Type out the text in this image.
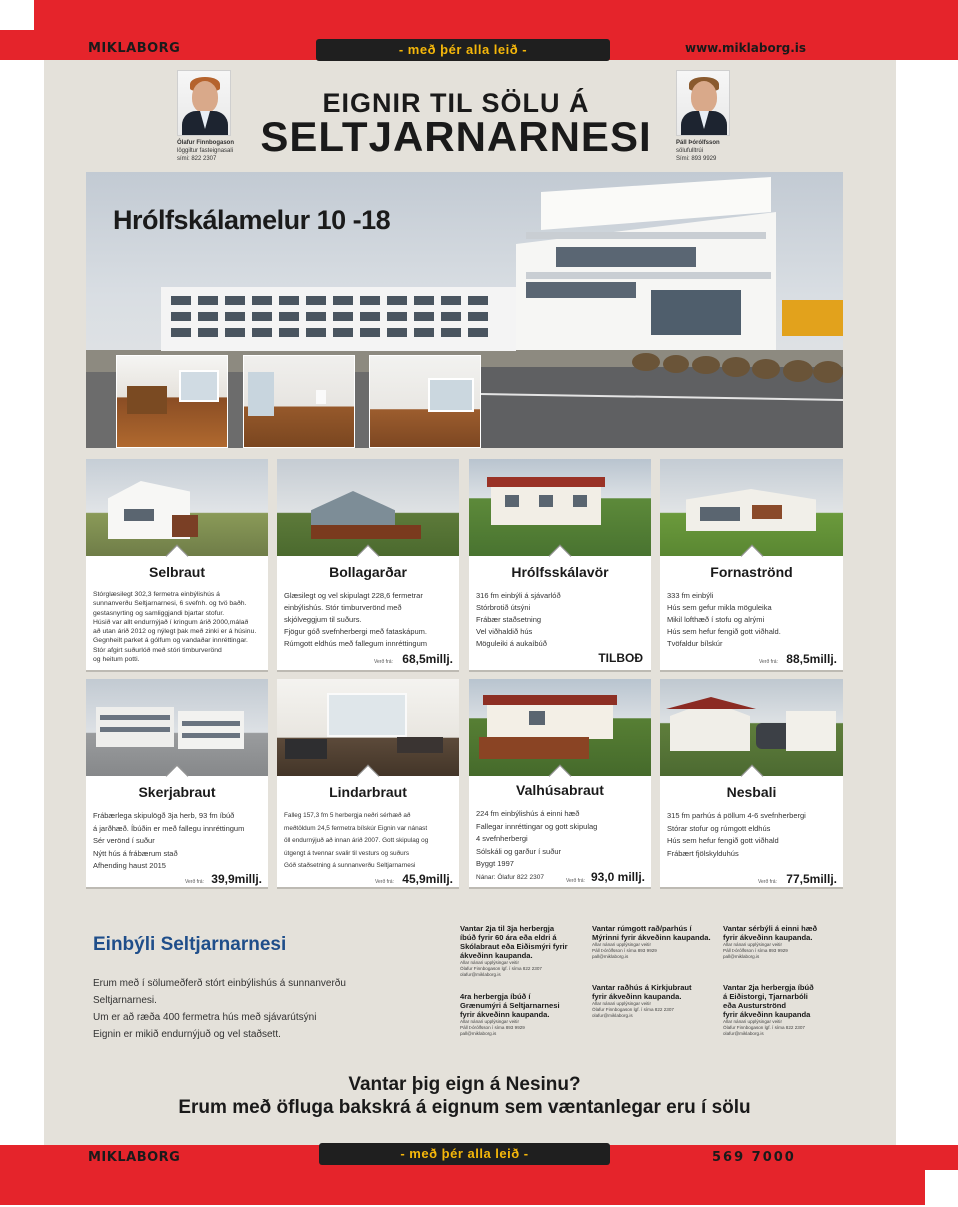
MIKLABORG	- með þér alla leið -	www.miklaborg.is
Ólafur Finnbogason
löggiltur fasteignasali
sími: 822 2307
Páll Þórólfsson
sölufulltrúi
Sími: 893 9929
EIGNIR TIL SÖLU Á
SELTJARNARNESI
Hrólfskálamelur 10 -18
Selbraut
Stórglæsilegt 302,3 fermetra einbýlishús á
sunnanverðu Seltjarnarnesi, 6 svefnh. og tvö baðh.
gestasnyrting og samliggjandi bjartar stofur.
Húsið var allt endurnýjað í kringum árið 2000,málað
að utan árið 2012 og nýlegt þak með zinki er á húsinu.
Gegnheilt parket á gólfum og vandaðar innréttingar.
Stór afgirt suðurlóð með stóri timburverönd
og heitum potti.
Bollagarðar
Glæsilegt og vel skipulagt 228,6 fermetrar
einbýlishús. Stór timburverönd með
skjólveggjum til suðurs.
Fjögur góð svefnherbergi með fataskápum.
Rúmgott eldhús með fallegum innréttingum
Verð frá: 68,5millj.
Hrólfsskálavör
316 fm einbýli á sjávarlóð
Stórbrotið útsýni
Frábær staðsetning
Vel viðhaldið hús
Möguleiki á aukaíbúð
TILBOÐ
Fornaströnd
333 fm einbýli
Hús sem gefur mikla möguleika
Mikil lofthæð í stofu og alrými
Hús sem hefur fengið gott viðhald.
Tvöfaldur bílskúr
Verð frá: 88,5millj.
Skerjabraut
Frábærlega skipulögð 3ja herb, 93 fm íbúð
á jarðhæð. Íbúðin er með fallegu innréttingum
Sér verönd í suður
Nýtt hús á frábærum stað
Afhending haust 2015
Verð frá: 39,9millj.
Lindarbraut
Falleg 157,3 fm 5 herbergja neðri sérhæð að
meðtöldum 24,5 fermetra bílskúr Eignin var nánast
öll endurnýjuð að innan árið 2007. Gott skipulag og
útgengt á tvennar svalir til vesturs og suðurs
Góð staðsetning á sunnanverðu Seltjarnarnesi
Verð frá: 45,9millj.
Valhúsabraut
224 fm einbýlishús á einni hæð
Fallegar innréttingar og gott skipulag
4 svefnherbergi
Sólskáli og garður í suður
Byggt 1997
Nánar: Ólafur 822 2307	Verð frá: 93,0 millj.
Nesbali
315 fm parhús á pöllum 4-6 svefnherbergi
Stórar stofur og rúmgott eldhús
Hús sem hefur fengið gott viðhald
Frábært fjölskylduhús
Verð frá: 77,5millj.
Einbýli Seltjarnarnesi
Erum með í sölumeðferð stórt einbýlishús á sunnanverðu
Seltjarnarnesi.
Um er að ræða 400 fermetra hús með sjávarútsýni
Eignin er mikið endurnýjuð og vel staðsett.
Vantar 2ja til 3ja herbergja
íbúð fyrir 60 ára eða eldri á
Skólabraut eða Eiðismýri fyrir
ákveðinn kaupanda.
Allar nánari upplýsingar veitir
Ólafur Finnbogason lgf. í síma 822 2307
olafur@miklaborg.is
Vantar rúmgott rað/parhús í
Mýrinni fyrir ákveðinn kaupanda.
Allar nánari upplýsingar veitir
Páll Þórólfsson í síma 893 9929
pall@miklaborg.is
Vantar sérbýli á einni hæð
fyrir ákveðinn kaupanda.
Allar nánari upplýsingar veitir
Páll Þórólfsson í síma 893 9929
pall@miklaborg.is
4ra herbergja íbúð í
Grænumýri á Seltjarnarnesi
fyrir ákveðinn kaupanda.
Allar nánari upplýsingar veitir
Páll Þórólfsson í síma 893 9929
pall@miklaborg.is
Vantar raðhús á Kirkjubraut
fyrir ákveðinn kaupanda.
Allar nánari upplýsingar veitir
Ólafur Finnbogason lgf. í síma 822 2307
olafur@miklaborg.is
Vantar 2ja herbergja íbúð
á Eiðistorgi, Tjarnarbóli
eða Austurströnd
fyrir ákveðinn kaupanda
Allar nánari upplýsingar veitir
Ólafur Finnbogason lgf. í síma 822 2307
olafur@miklaborg.is
Vantar þig eign á Nesinu?
Erum með öfluga bakskrá á eignum sem væntanlegar eru í sölu
MIKLABORG	- með þér alla leið -	569 7000
